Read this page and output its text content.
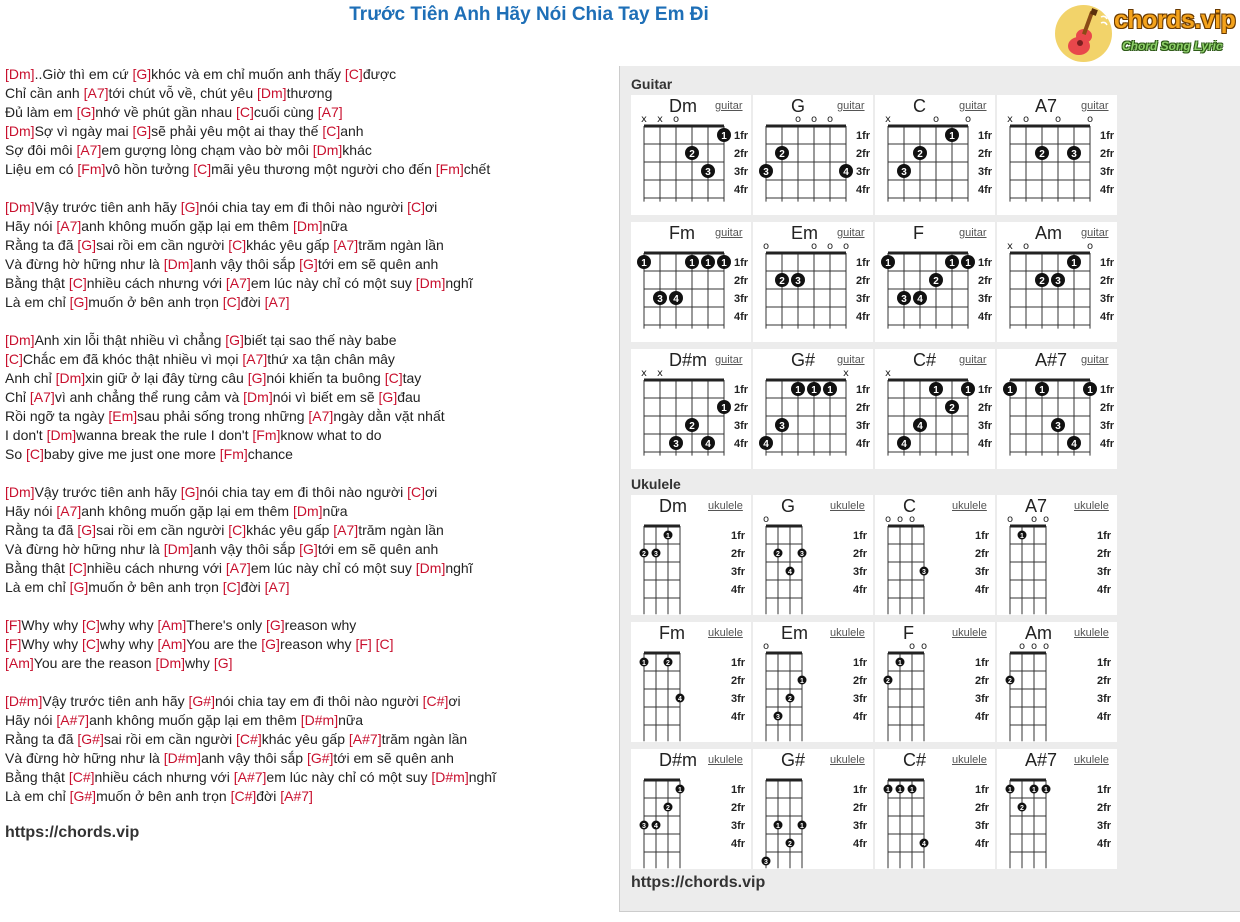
Trước Tiên Anh Hãy Nói Chia Tay Em Đi	chords.vip
Chord Song Lyric
[Dm]..Giờ thì em cứ [G]khóc và em chỉ muốn anh thấy [C]được
Chỉ cần anh [A7]tới chút vỗ về, chút yêu [Dm]thương
Đủ làm em [G]nhớ về phút gần nhau [C]cuối cùng [A7]
[Dm]Sợ vì ngày mai [G]sẽ phải yêu một ai thay thế [C]anh
Sợ đôi môi [A7]em gượng lòng chạm vào bờ môi [Dm]khác
Liệu em có [Fm]vô hồn tưởng [C]mãi yêu thương một người cho đến [Fm]chết
[Dm]Vậy trước tiên anh hãy [G]nói chia tay em đi thôi nào người [C]ơi
Hãy nói [A7]anh không muốn gặp lại em thêm [Dm]nữa
Rằng ta đã [G]sai rồi em cần người [C]khác yêu gấp [A7]trăm ngàn lần
Và đừng hờ hững như là [Dm]anh vậy thôi sắp [G]tới em sẽ quên anh
Bằng thật [C]nhiều cách nhưng với [A7]em lúc này chỉ có một suy [Dm]nghĩ
Là em chỉ [G]muốn ở bên anh trọn [C]đời [A7]
[Dm]Anh xin lỗi thật nhiều vì chẳng [G]biết tại sao thế này babe
[C]Chắc em đã khóc thật nhiều vì mọi [A7]thứ xa tận chân mây
Anh chỉ [Dm]xin giữ ở lại đây từng câu [G]nói khiến ta buông [C]tay
Chỉ [A7]vì anh chẳng thể rung cảm và [Dm]nói vì biết em sẽ [G]đau
Rồi ngỡ ta ngày [Em]sau phải sống trong những [A7]ngày dằn vặt nhất
I don't [Dm]wanna break the rule I don't [Fm]know what to do
So [C]baby give me just one more [Fm]chance
[Dm]Vậy trước tiên anh hãy [G]nói chia tay em đi thôi nào người [C]ơi
Hãy nói [A7]anh không muốn gặp lại em thêm [Dm]nữa
Rằng ta đã [G]sai rồi em cần người [C]khác yêu gấp [A7]trăm ngàn lần
Và đừng hờ hững như là [Dm]anh vậy thôi sắp [G]tới em sẽ quên anh
Bằng thật [C]nhiều cách nhưng với [A7]em lúc này chỉ có một suy [Dm]nghĩ
Là em chỉ [G]muốn ở bên anh trọn [C]đời [A7]
[F]Why why [C]why why [Am]There's only [G]reason why
[F]Why why [C]why why [Am]You are the [G]reason why [F] [C]
[Am]You are the reason [Dm]why [G]
[D#m]Vậy trước tiên anh hãy [G#]nói chia tay em đi thôi nào người [C#]ơi
Hãy nói [A#7]anh không muốn gặp lại em thêm [D#m]nữa
Rằng ta đã [G#]sai rồi em cần người [C#]khác yêu gấp [A#7]trăm ngàn lần
Và đừng hờ hững như là [D#m]anh vậy thôi sắp [G#]tới em sẽ quên anh
Bằng thật [C#]nhiều cách nhưng với [A#7]em lúc này chỉ có một suy [D#m]nghĩ
Là em chỉ [G#]muốn ở bên anh trọn [C#]đời [A#7]
https://chords.vip
Guitar
Dm guitar
1fr
2fr
3fr
4fr
x x o
1
2
3
G	guitar
1fr
2fr
3fr
4fr
o o o
2
3	4
C	guitar
1fr
2fr
3fr
4fr
x	o	o
1
2
3
A7 guitar
1fr
2fr
3fr
4fr
x o	o	o
2	3
Fm guitar
1fr
2fr
3fr
4fr
1	1 1 1
3 4
Em guitar
1fr
2fr
3fr
4fr
o	o o o
2 3
F	guitar
1fr
2fr
3fr
4fr
1	1 1
2
3 4
Am guitar
1fr
2fr
3fr
4fr
x o	o
1
2 3
D#m guitar
1fr
2fr
3fr
4fr
x x
1
2
3	4
G# guitar
1fr
2fr
3fr
4fr
x
1 1 1
3
4
C# guitar
1fr
2fr
3fr
4fr
x
1	1
2
4
4
A#7 guitar
1fr
2fr
3fr
4fr
1	1	1
3
4
Ukulele
Dm ukulele
1fr
2fr
3fr
4fr
1
2 3
G	ukulele
1fr
2fr
3fr
4fr
o
2	3
4
C	ukulele
1fr
2fr
3fr
4fr
o o o
3
A7 ukulele
1fr
2fr
3fr
4fr
o o o
1
Fm ukulele
1fr
2fr
3fr
4fr
1	2
4
Em ukulele
1fr
2fr
3fr
4fr
o
1
2
3
F	ukulele
1fr
2fr
3fr
4fr
o o
1
2
Am ukulele
1fr
2fr
3fr
4fr
o o o
2
D#m ukulele
1fr
2fr
3fr
4fr
1
2
3 4
G# ukulele
1fr
2fr
3fr
4fr
1	1
2
3
C# ukulele
1fr
2fr
3fr
4fr
1 1 1
4
A#7 ukulele
1fr
2fr
3fr
4fr
1	1 1
2
https://chords.vip
